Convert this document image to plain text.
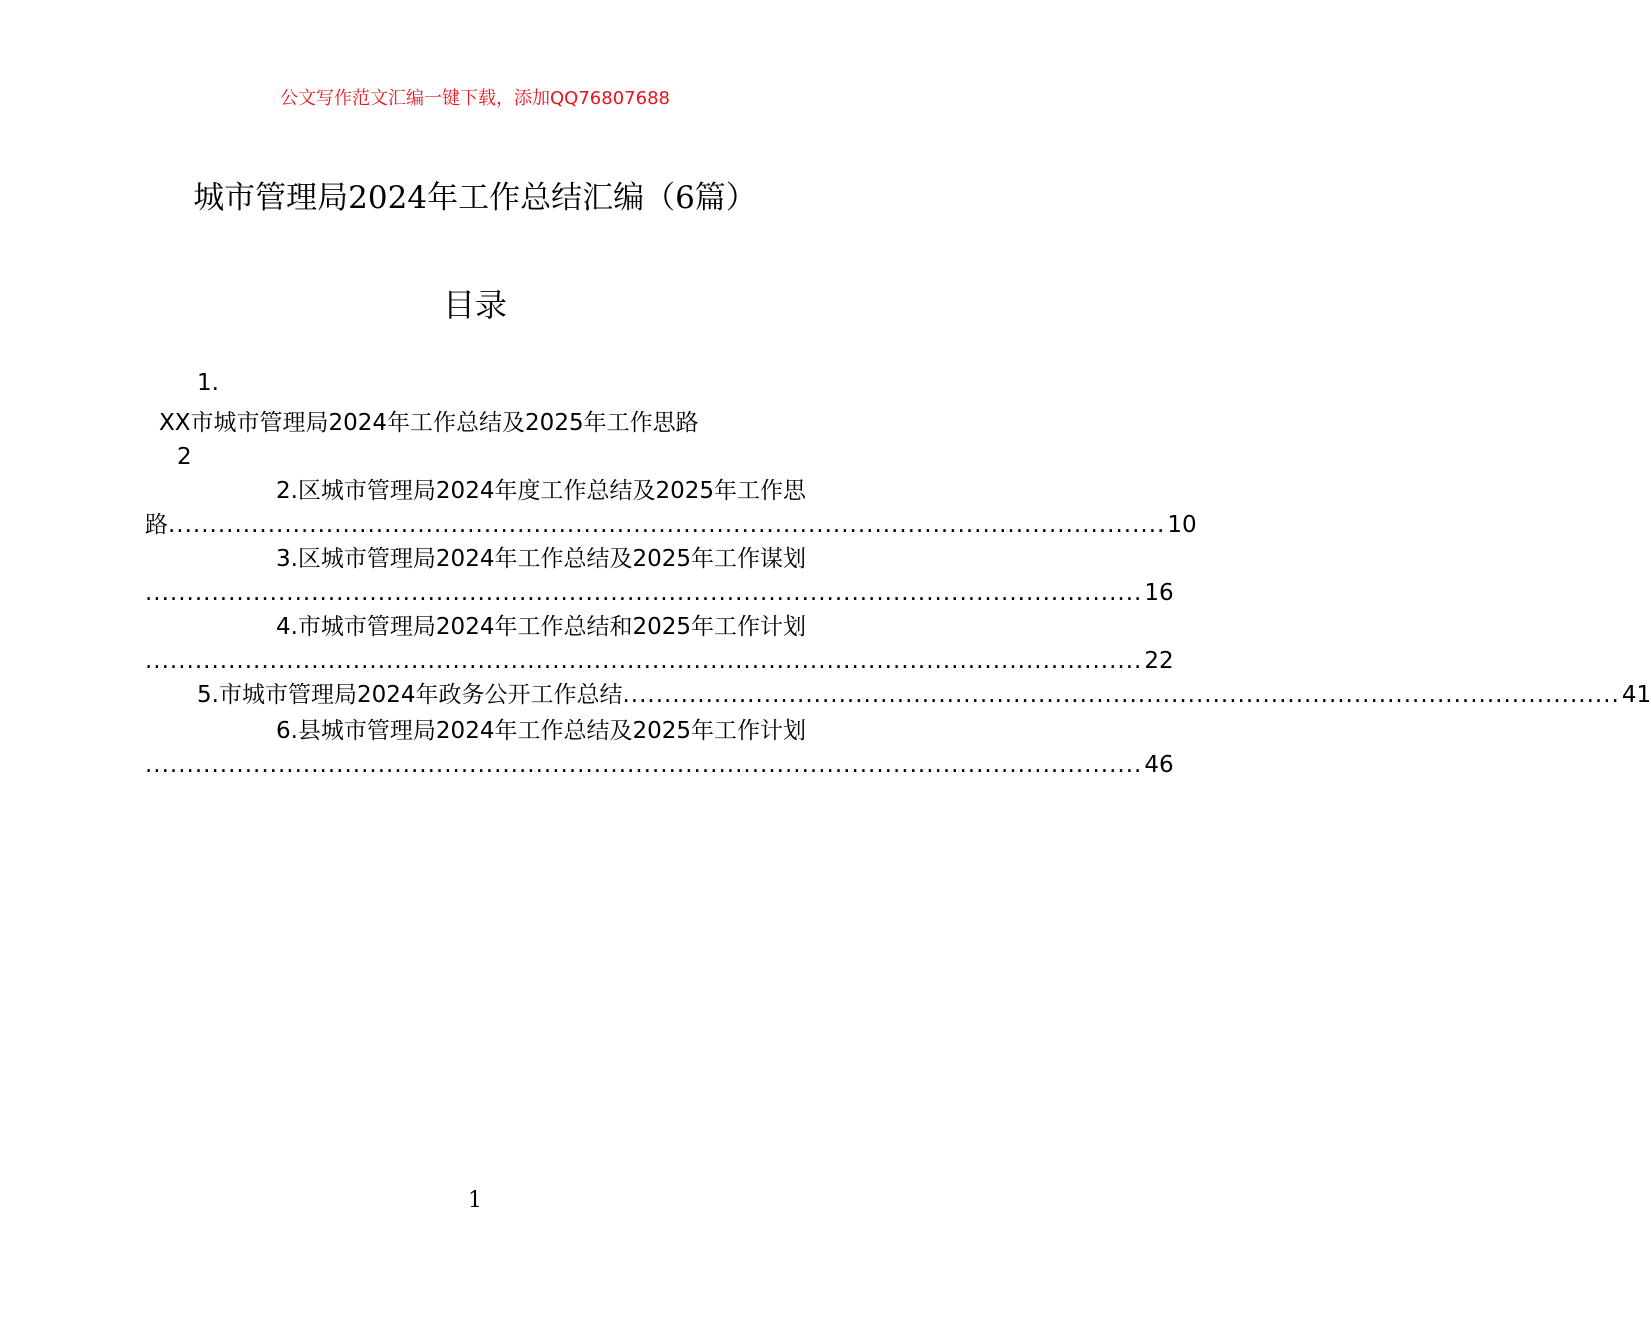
公文写作范文汇编一键下载，添加QQ76807688
城市管理局2024年工作总结汇编（6篇）
目录
1.
XX市城市管理局2024年工作总结及2025年工作思路
2
2.区城市管理局2024年度工作总结及2025年工作思
路 ........................................................................................................................ 10
3.区城市管理局2024年工作总结及2025年工作谋划
........................................................................................................................ 16
4.市城市管理局2024年工作总结和2025年工作计划
........................................................................................................................ 22
5. 市城市管理局2024年政务公开工作总结 ........................................................................................................................ 41
6.县城市管理局2024年工作总结及2025年工作计划
........................................................................................................................ 46
1
